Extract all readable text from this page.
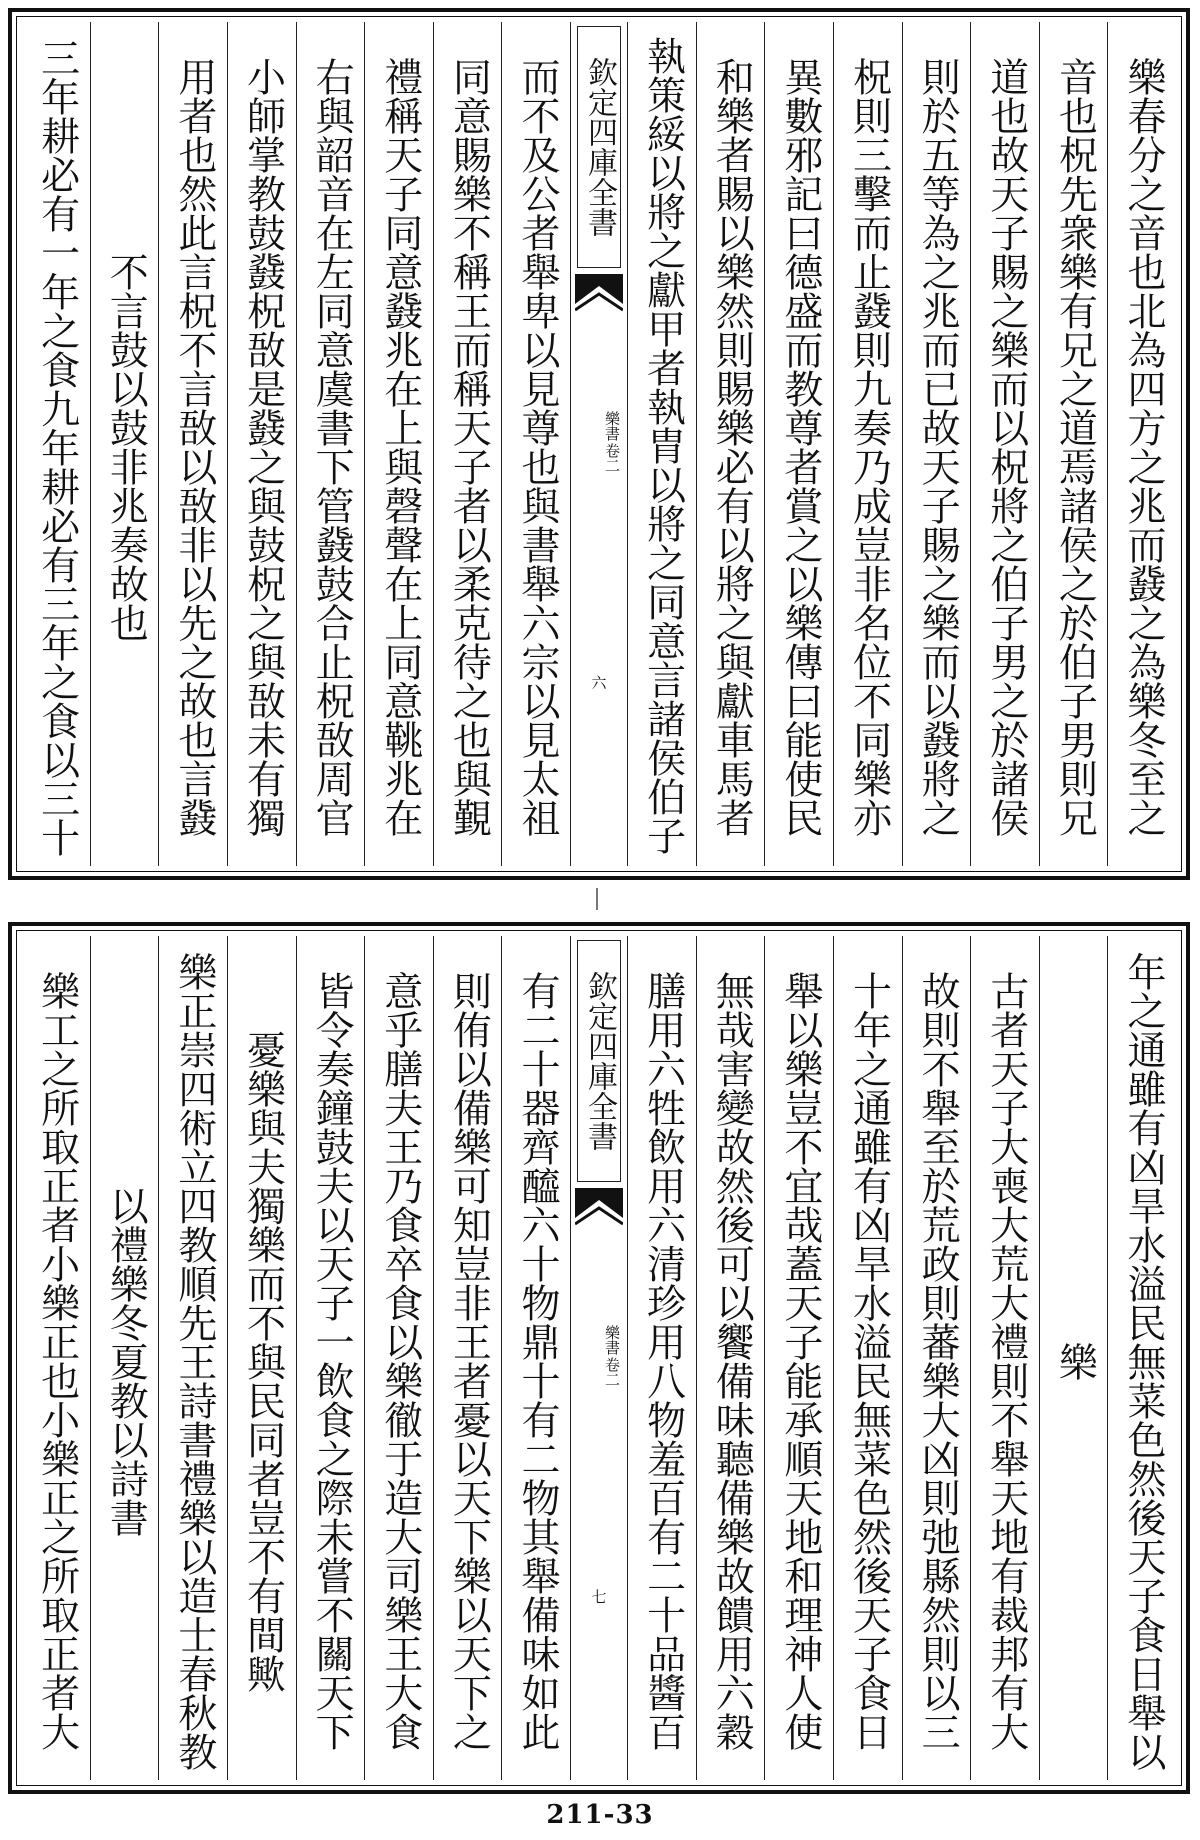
樂春分之音也北為四方之兆而鼗之為樂冬至之
音也柷先衆樂有兄之道焉諸侯之於伯子男則兄
道也故天子賜之樂而以柷將之伯子男之於諸侯
則於五等為之兆而已故天子賜之樂而以鼗將之
柷則三擊而止鼗則九奏乃成豈非名位不同樂亦
異數邪記曰德盛而教尊者賞之以樂傳曰能使民
和樂者賜以樂然則賜樂必有以將之與獻車馬者
執策綏以將之獻甲者執胄以將之同意言諸侯伯子
欽定四庫全書
樂書
卷二
六
而不及公者舉卑以見尊也與書舉六宗以見太祖
同意賜樂不稱王而稱天子者以柔克待之也與覲
禮稱天子同意鼗兆在上與磬聲在上同意鞉兆在
右與韶音在左同意虞書下管鼗鼓合止柷敔周官
小師掌教鼓鼗柷敔是鼗之與鼓柷之與敔未有獨
用者也然此言柷不言敔以敔非以先之故也言鼗
不言鼓以鼓非兆奏故也
三年耕必有一年之食九年耕必有三年之食以三十
年之通雖有凶旱水溢民無菜色然後天子食日舉以
樂
古者天子大喪大荒大禮則不舉天地有裁邦有大
故則不舉至於荒政則蕃樂大凶則弛縣然則以三
十年之通雖有凶旱水溢民無菜色然後天子食日
舉以樂豈不宜哉蓋天子能承順天地和理神人使
無哉害變故然後可以饗備味聽備樂故饋用六穀
膳用六牲飲用六清珍用八物羞百有二十品醬百
欽定四庫全書
樂書
卷二
七
有二十器齊醯六十物鼎十有二物其舉備味如此
則侑以備樂可知豈非王者憂以天下樂以天下之
意乎膳夫王乃食卒食以樂徹于造大司樂王大食
皆令奏鐘鼓夫以天子一飲食之際未嘗不關天下
憂樂與夫獨樂而不與民同者豈不有間歟
樂正崇四術立四教順先王詩書禮樂以造士春秋教
以禮樂冬夏教以詩書
樂工之所取正者小樂正也小樂正之所取正者大
211-33
